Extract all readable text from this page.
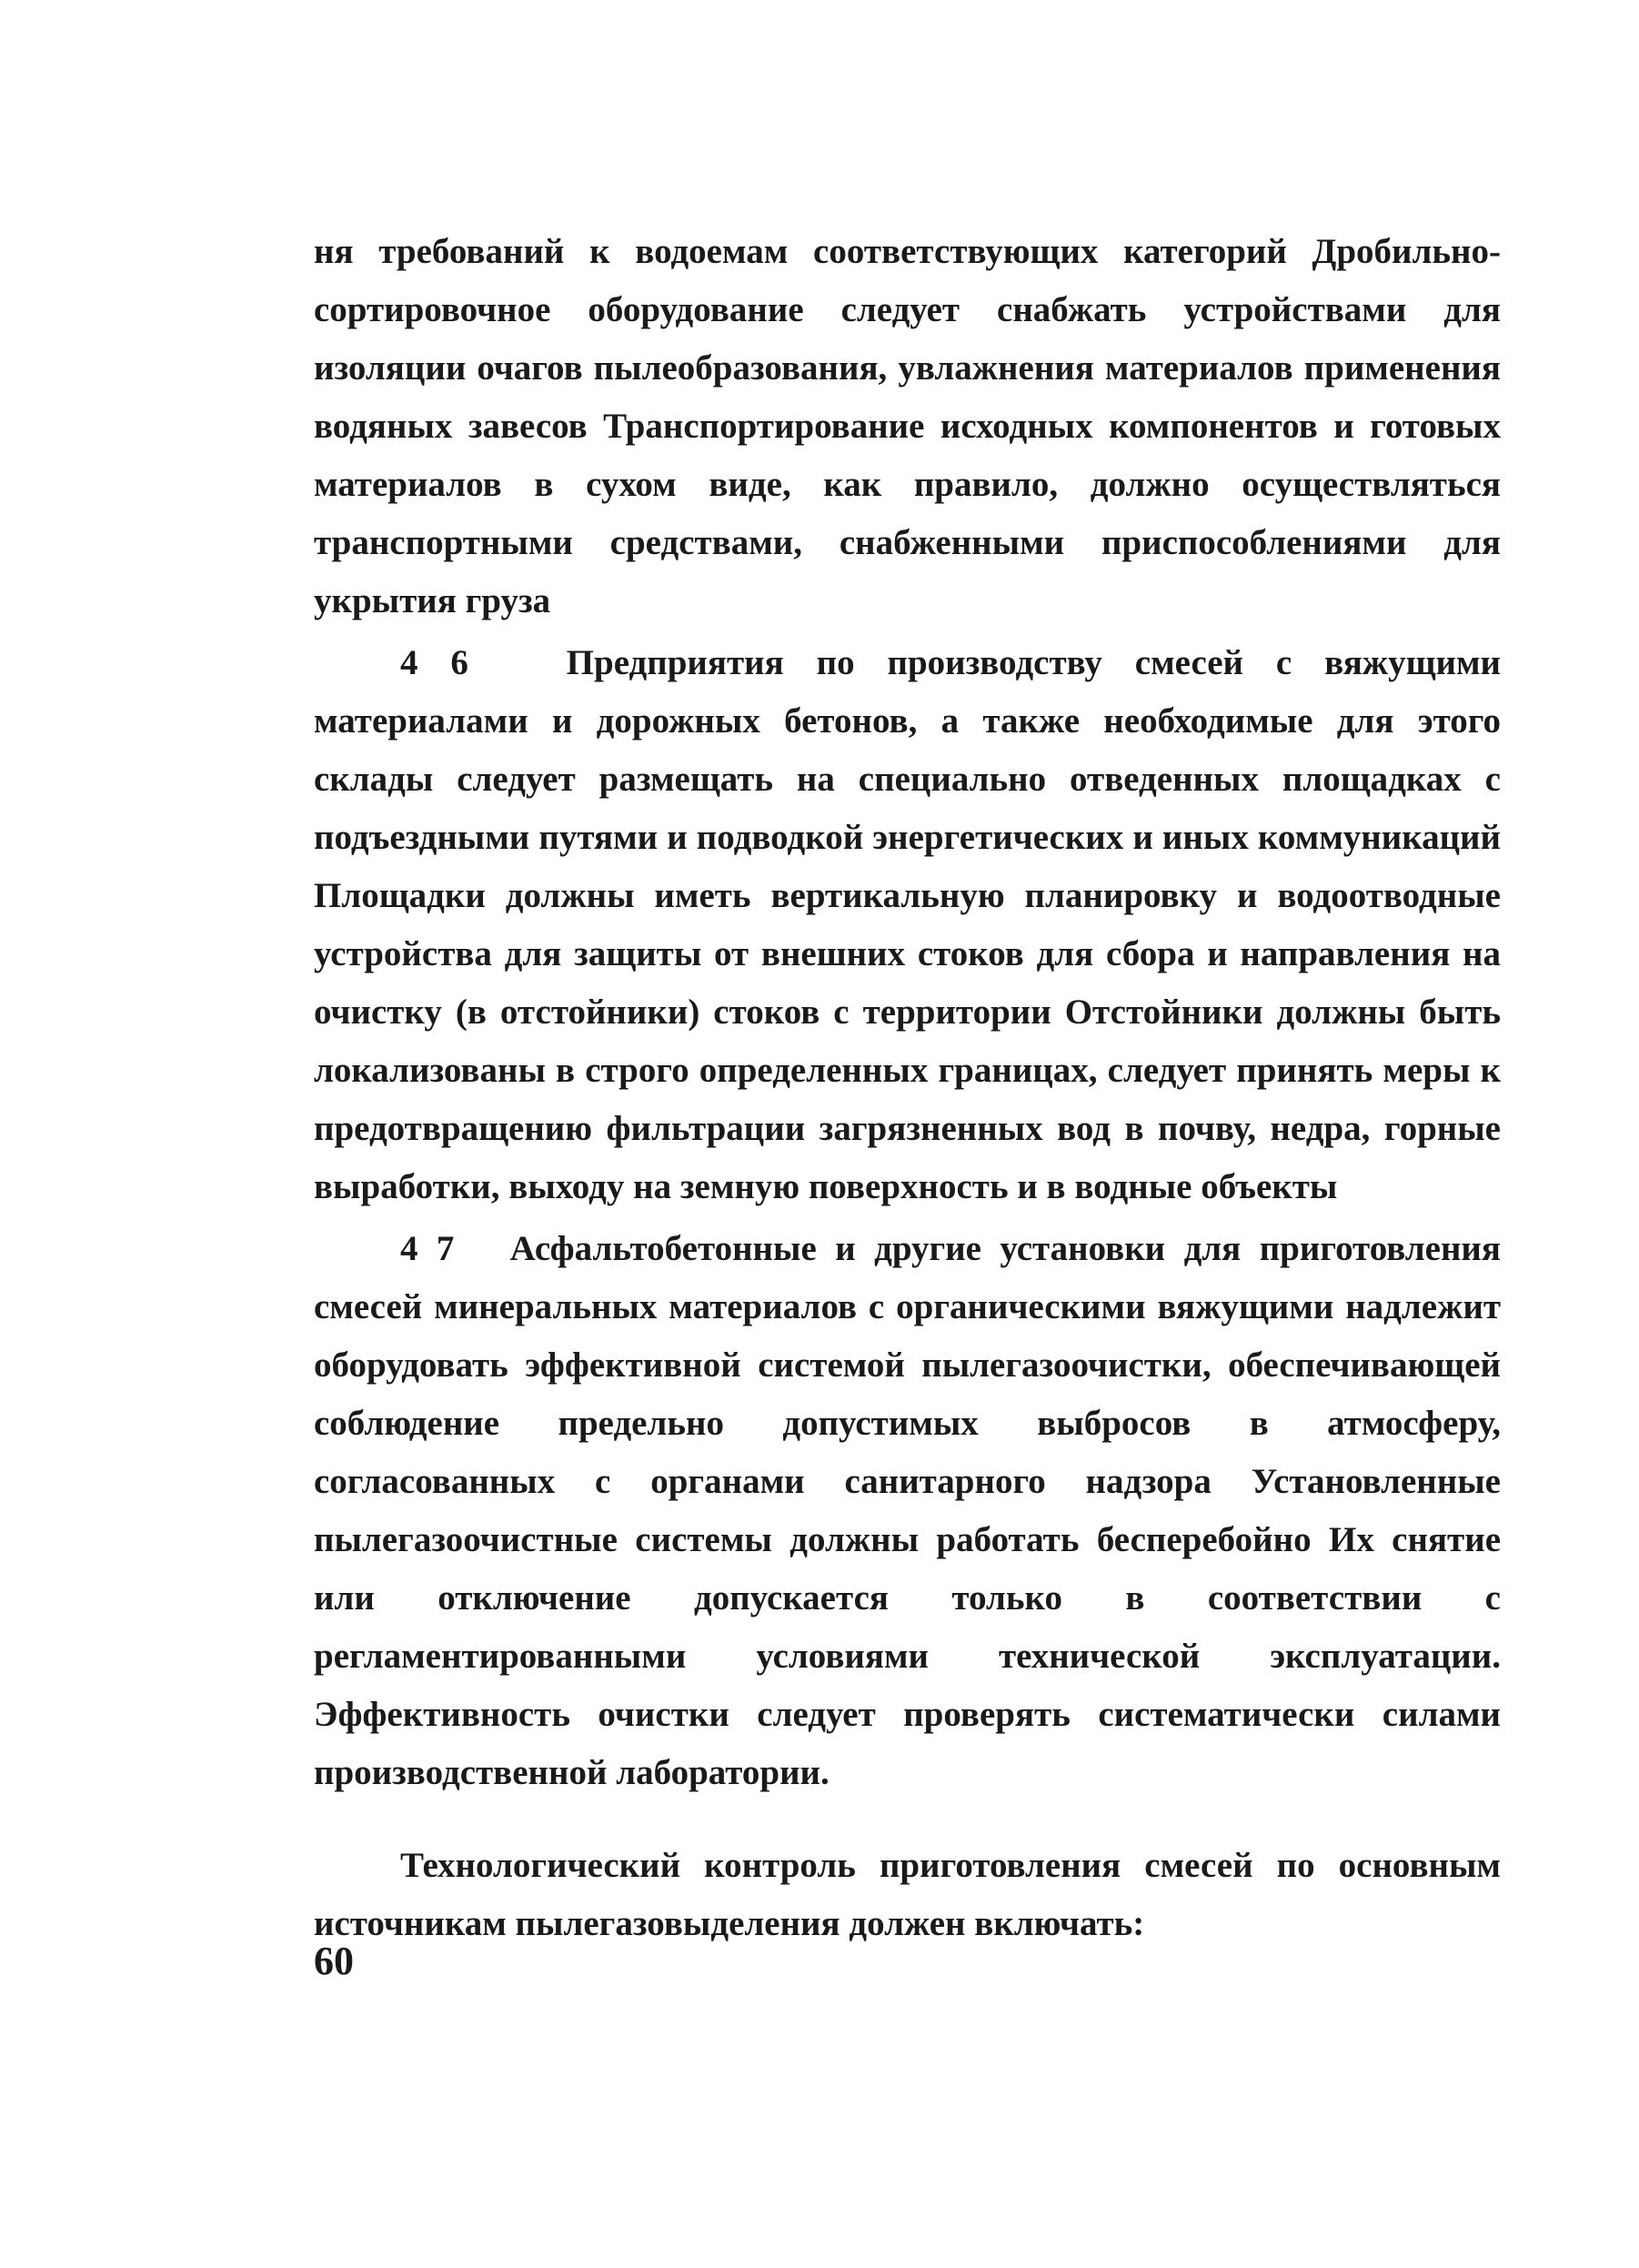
ня требований к водоемам соответствующих категорий Дробильно-сортировочное оборудование следует снабжать устройствами для изоляции очагов пылеобразования, увлажнения материалов применения водяных завесов Транспортирование исходных компонентов и готовых материалов в сухом виде, как правило, должно осуществляться транспортными средствами, снабженными приспособлениями для укрытия груза

4 6	Предприятия по производству смесей с вяжущими материалами и дорожных бетонов, а также необходимые для этого склады следует размещать на специально отведенных площадках с подъездными путями и подводкой энергетических и иных коммуникаций Площадки должны иметь вертикальную планировку и водоотводные устройства для защиты от внешних стоков для сбора и направления на очистку (в отстойники) стоков с территории Отстойники должны быть локализованы в строго определенных границах, следует принять меры к предотвращению фильтрации загрязненных вод в почву, недра, горные выработки, выходу на земную поверхность и в водные объекты

4 7 Асфальтобетонные и другие установки для приготовления смесей минеральных материалов с органическими вяжущими надлежит оборудовать эффективной системой пылегазоочистки, обеспечивающей соблюдение предельно допустимых выбросов в атмосферу, согласованных с органами санитарного надзора Установленные пылегазоочистные системы должны работать бесперебойно Их снятие или отключение допускается только в соответствии с регламентированными условиями технической эксплуатации. Эффективность очистки следует проверять систематически силами производственной лаборатории.

Технологический контроль приготовления смесей по основным источникам пылегазовыделения должен включать:

60
